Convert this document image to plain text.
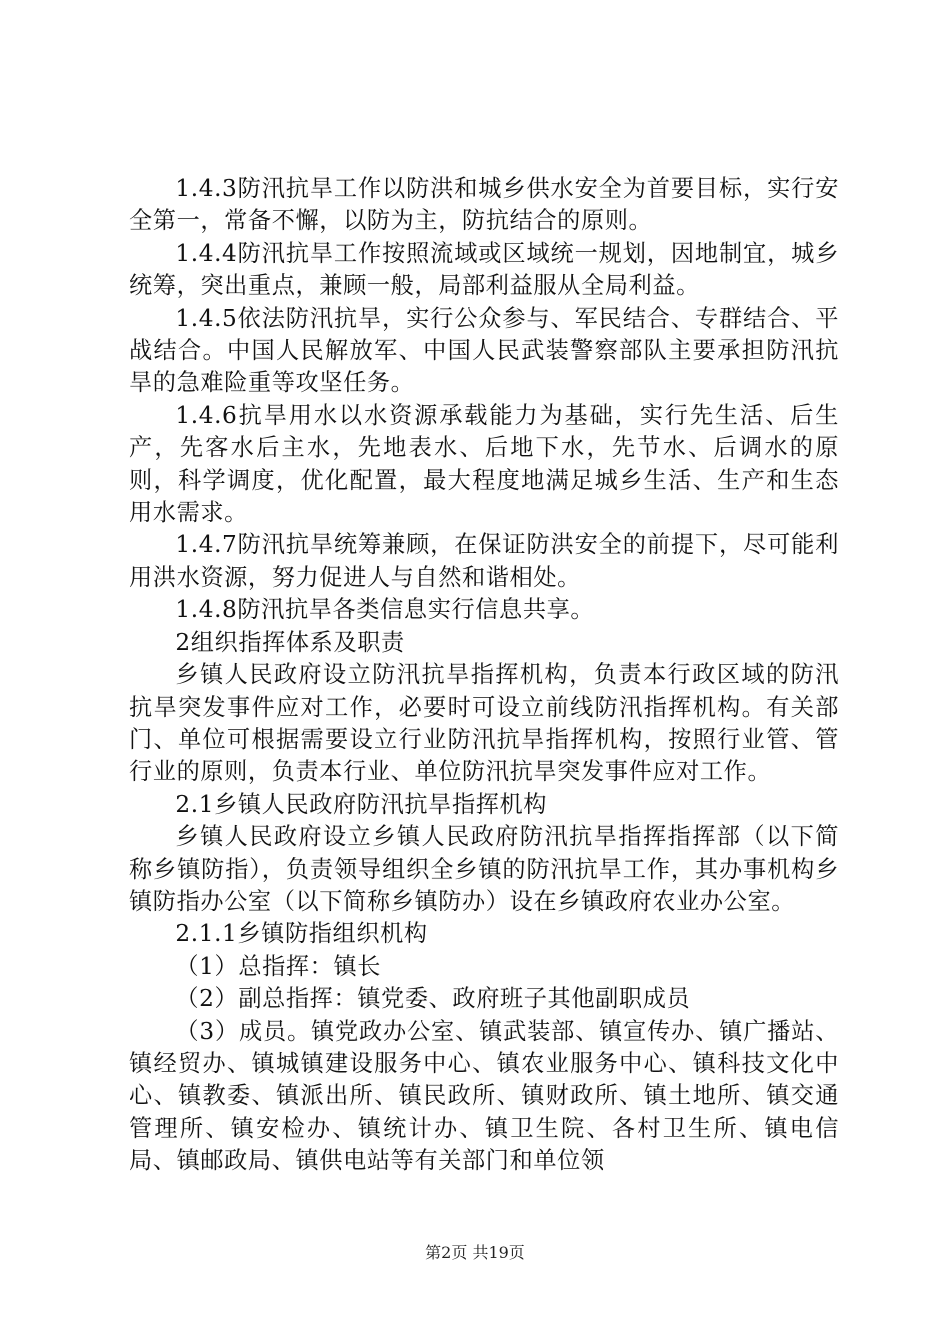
1.4.3防汛抗旱工作以防洪和城乡供水安全为首要目标，实行安全第一，常备不懈，以防为主，防抗结合的原则。

1.4.4防汛抗旱工作按照流域或区域统一规划，因地制宜，城乡统筹，突出重点，兼顾一般，局部利益服从全局利益。

1.4.5依法防汛抗旱，实行公众参与、军民结合、专群结合、平战结合。中国人民解放军、中国人民武装警察部队主要承担防汛抗旱的急难险重等攻坚任务。

1.4.6抗旱用水以水资源承载能力为基础，实行先生活、后生产，先客水后主水，先地表水、后地下水，先节水、后调水的原则，科学调度，优化配置，最大程度地满足城乡生活、生产和生态用水需求。

1.4.7防汛抗旱统筹兼顾，在保证防洪安全的前提下，尽可能利用洪水资源，努力促进人与自然和谐相处。

1.4.8防汛抗旱各类信息实行信息共享。

2组织指挥体系及职责

乡镇人民政府设立防汛抗旱指挥机构，负责本行政区域的防汛抗旱突发事件应对工作，必要时可设立前线防汛指挥机构。有关部门、单位可根据需要设立行业防汛抗旱指挥机构，按照行业管、管行业的原则，负责本行业、单位防汛抗旱突发事件应对工作。

2.1乡镇人民政府防汛抗旱指挥机构

乡镇人民政府设立乡镇人民政府防汛抗旱指挥指挥部（以下简称乡镇防指），负责领导组织全乡镇的防汛抗旱工作，其办事机构乡镇防指办公室（以下简称乡镇防办）设在乡镇政府农业办公室。

2.1.1乡镇防指组织机构

（1）总指挥：镇长

（2）副总指挥：镇党委、政府班子其他副职成员

（3）成员。镇党政办公室、镇武装部、镇宣传办、镇广播站、镇经贸办、镇城镇建设服务中心、镇农业服务中心、镇科技文化中心、镇教委、镇派出所、镇民政所、镇财政所、镇土地所、镇交通管理所、镇安检办、镇统计办、镇卫生院、各村卫生所、镇电信局、镇邮政局、镇供电站等有关部门和单位领

第2页 共19页
